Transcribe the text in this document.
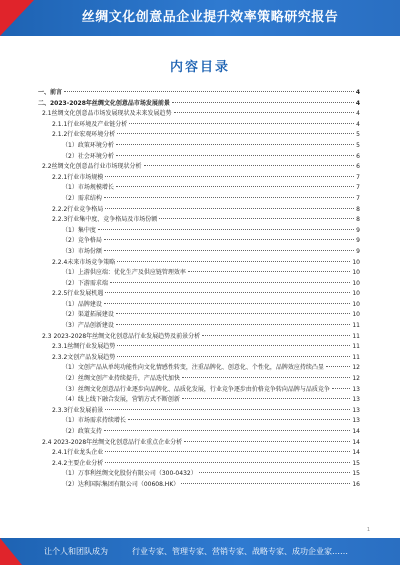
丝绸文化创意品企业提升效率策略研究报告
内容目录
一、前言	4
二、2023-2028年丝绸文化创意品市场发展前景	4
2.1丝绸文化创意品市场发展现状及未来发展趋势	4
2.1.1行业环境及产业链分析	4
2.1.2行业宏观环境分析	5
（1）政策环境分析	5
（2）社会环境分析	6
2.2丝绸文化创意品行业市场现状分析	6
2.2.1行业市场规模	7
（1）市场规模增长	7
（2）需求结构	7
2.2.2行业竞争格局	8
2.2.3行业集中度、竞争格局及市场份额	8
（1）集中度	9
（2）竞争格局	9
（3）市场份额	9
2.2.4未来市场竞争策略	10
（1）上游供应端：优化生产及供应链管理效率	10
（2）下游需求端	10
2.2.5行业发展机遇	10
（1）品牌建设	10
（2）渠道拓展建设	10
（3）产品创新建设	11
2.3 2023-2028年丝绸文化创意品行业发展趋势及前景分析	11
2.3.1丝绸行业发展趋势	11
2.3.2文创产品发展趋势	11
（1）文创产品从单纯功能性向文化情感性转变，注重品牌化、创意化、个性化，品牌效应持续凸显	12
（2）丝绸文创产业持续提升，产品迭代加快	12
（3）丝绸文化创意品行业逐步向品牌化、品质化发展，行业竞争逐步由价格竞争转向品牌与品质竞争	13
（4）线上线下融合发展，营销方式不断创新	13
2.3.3行业发展前景	13
（1）市场需求持续增长	13
（2）政策支持	14
2.4 2023-2028年丝绸文化创意品行业重点企业分析	14
2.4.1行业龙头企业	14
2.4.2主要企业分析	15
（1）万事利丝绸文化股份有限公司（300-0432）	15
（2）达利国际集团有限公司（00608.HK）	16
1
让个人和团队成为	行业专家、管理专家、营销专家、战略专家、成功企业家……
